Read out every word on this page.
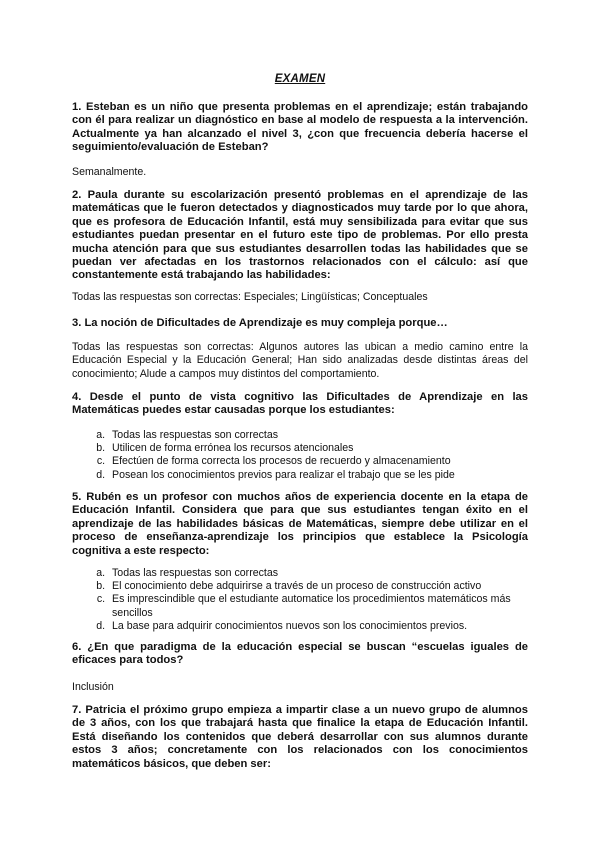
EXAMEN

1. Esteban es un niño que presenta problemas en el aprendizaje; están trabajando con él para realizar un diagnóstico en base al modelo de respuesta a la intervención. Actualmente ya han alcanzado el nivel 3, ¿con que frecuencia debería hacerse el seguimiento/evaluación de Esteban?

Semanalmente.

2. Paula durante su escolarización presentó problemas en el aprendizaje de las matemáticas que le fueron detectados y diagnosticados muy tarde por lo que ahora, que es profesora de Educación Infantil, está muy sensibilizada para evitar que sus estudiantes puedan presentar en el futuro este tipo de problemas. Por ello presta mucha atención para que sus estudiantes desarrollen todas las habilidades que se puedan ver afectadas en los trastornos relacionados con el cálculo: así que constantemente está trabajando las habilidades:

Todas las respuestas son correctas: Especiales; Lingüísticas; Conceptuales

3. La noción de Dificultades de Aprendizaje es muy compleja porque…

Todas las respuestas son correctas: Algunos autores las ubican a medio camino entre la Educación Especial y la Educación General; Han sido analizadas desde distintas áreas del conocimiento; Alude a campos muy distintos del comportamiento.

4. Desde el punto de vista cognitivo las Dificultades de Aprendizaje en las Matemáticas puedes estar causadas porque los estudiantes:

a. Todas las respuestas son correctas
b. Utilicen de forma errónea los recursos atencionales
c. Efectúen de forma correcta los procesos de recuerdo y almacenamiento
d. Posean los conocimientos previos para realizar el trabajo que se les pide

5. Rubén es un profesor con muchos años de experiencia docente en la etapa de Educación Infantil. Considera que para que sus estudiantes tengan éxito en el aprendizaje de las habilidades básicas de Matemáticas, siempre debe utilizar en el proceso de enseñanza-aprendizaje los principios que establece la Psicología cognitiva a este respecto:

a. Todas las respuestas son correctas
b. El conocimiento debe adquirirse a través de un proceso de construcción activo
c. Es imprescindible que el estudiante automatice los procedimientos matemáticos más sencillos
d. La base para adquirir conocimientos nuevos son los conocimientos previos.

6. ¿En que paradigma de la educación especial se buscan “escuelas iguales de eficaces para todos?

Inclusión

7. Patricia el próximo grupo empieza a impartir clase a un nuevo grupo de alumnos de 3 años, con los que trabajará hasta que finalice la etapa de Educación Infantil. Está diseñando los contenidos que deberá desarrollar con sus alumnos durante estos 3 años; concretamente con los relacionados con los conocimientos matemáticos básicos, que deben ser:
